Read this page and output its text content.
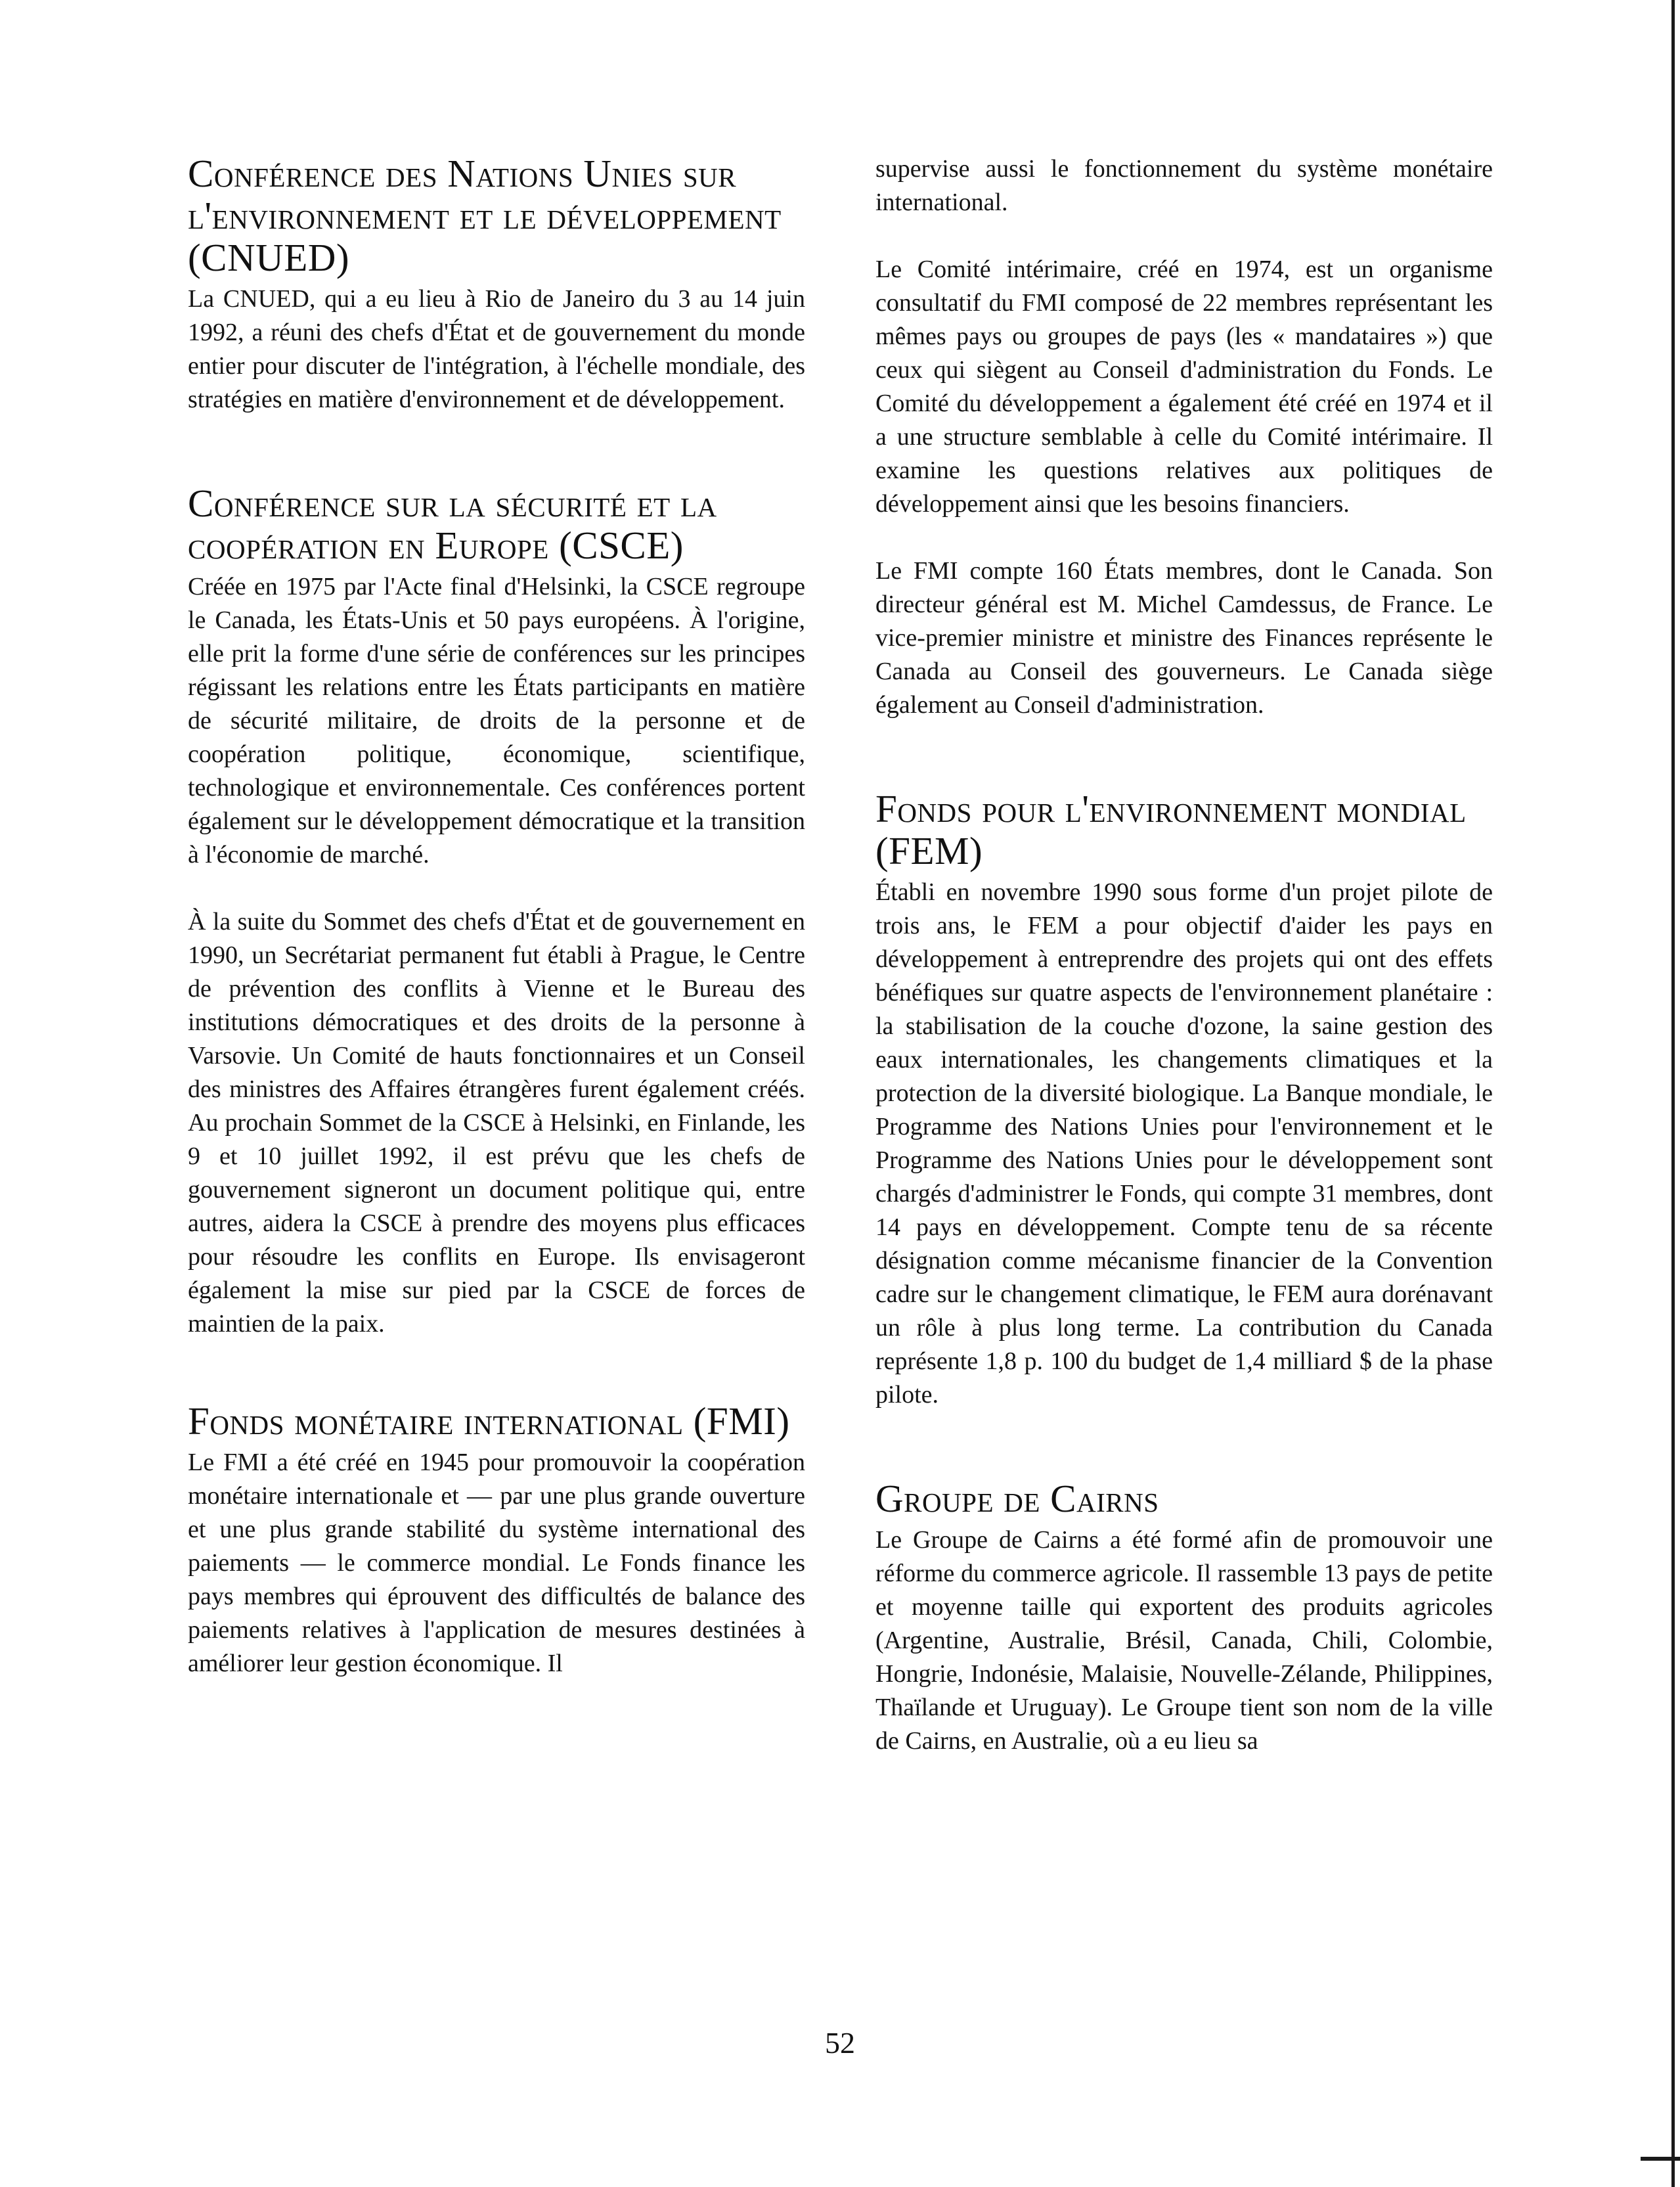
Conférence des Nations Unies sur l'environnement et le développement (CNUED)

La CNUED, qui a eu lieu à Rio de Janeiro du 3 au 14 juin 1992, a réuni des chefs d'État et de gouvernement du monde entier pour discuter de l'intégration, à l'échelle mondiale, des stratégies en matière d'environnement et de développement.

Conférence sur la sécurité et la coopération en Europe (CSCE)

Créée en 1975 par l'Acte final d'Helsinki, la CSCE regroupe le Canada, les États-Unis et 50 pays européens. À l'origine, elle prit la forme d'une série de conférences sur les principes régissant les relations entre les États participants en matière de sécurité militaire, de droits de la personne et de coopération politique, économique, scientifique, technologique et environnementale. Ces conférences portent également sur le développement démocratique et la transition à l'économie de marché.

À la suite du Sommet des chefs d'État et de gouvernement en 1990, un Secrétariat permanent fut établi à Prague, le Centre de prévention des conflits à Vienne et le Bureau des institutions démocratiques et des droits de la personne à Varsovie. Un Comité de hauts fonctionnaires et un Conseil des ministres des Affaires étrangères furent également créés. Au prochain Sommet de la CSCE à Helsinki, en Finlande, les 9 et 10 juillet 1992, il est prévu que les chefs de gouvernement signeront un document politique qui, entre autres, aidera la CSCE à prendre des moyens plus efficaces pour résoudre les conflits en Europe. Ils envisageront également la mise sur pied par la CSCE de forces de maintien de la paix.

Fonds monétaire international (FMI)

Le FMI a été créé en 1945 pour promouvoir la coopération monétaire internationale et — par une plus grande ouverture et une plus grande stabilité du système international des paiements — le commerce mondial. Le Fonds finance les pays membres qui éprouvent des difficultés de balance des paiements relatives à l'application de mesures destinées à améliorer leur gestion économique. Il

supervise aussi le fonctionnement du système monétaire international.

Le Comité intérimaire, créé en 1974, est un organisme consultatif du FMI composé de 22 membres représentant les mêmes pays ou groupes de pays (les « mandataires ») que ceux qui siègent au Conseil d'administration du Fonds. Le Comité du développement a également été créé en 1974 et il a une structure semblable à celle du Comité intérimaire. Il examine les questions relatives aux politiques de développement ainsi que les besoins financiers.

Le FMI compte 160 États membres, dont le Canada. Son directeur général est M. Michel Camdessus, de France. Le vice-premier ministre et ministre des Finances représente le Canada au Conseil des gouverneurs. Le Canada siège également au Conseil d'administration.

Fonds pour l'environnement mondial (FEM)

Établi en novembre 1990 sous forme d'un projet pilote de trois ans, le FEM a pour objectif d'aider les pays en développement à entreprendre des projets qui ont des effets bénéfiques sur quatre aspects de l'environnement planétaire : la stabilisation de la couche d'ozone, la saine gestion des eaux internationales, les changements climatiques et la protection de la diversité biologique. La Banque mondiale, le Programme des Nations Unies pour l'environnement et le Programme des Nations Unies pour le développement sont chargés d'administrer le Fonds, qui compte 31 membres, dont 14 pays en développement. Compte tenu de sa récente désignation comme mécanisme financier de la Convention cadre sur le changement climatique, le FEM aura dorénavant un rôle à plus long terme. La contribution du Canada représente 1,8 p. 100 du budget de 1,4 milliard $ de la phase pilote.

Groupe de Cairns

Le Groupe de Cairns a été formé afin de promouvoir une réforme du commerce agricole. Il rassemble 13 pays de petite et moyenne taille qui exportent des produits agricoles (Argentine, Australie, Brésil, Canada, Chili, Colombie, Hongrie, Indonésie, Malaisie, Nouvelle-Zélande, Philippines, Thaïlande et Uruguay). Le Groupe tient son nom de la ville de Cairns, en Australie, où a eu lieu sa

52
